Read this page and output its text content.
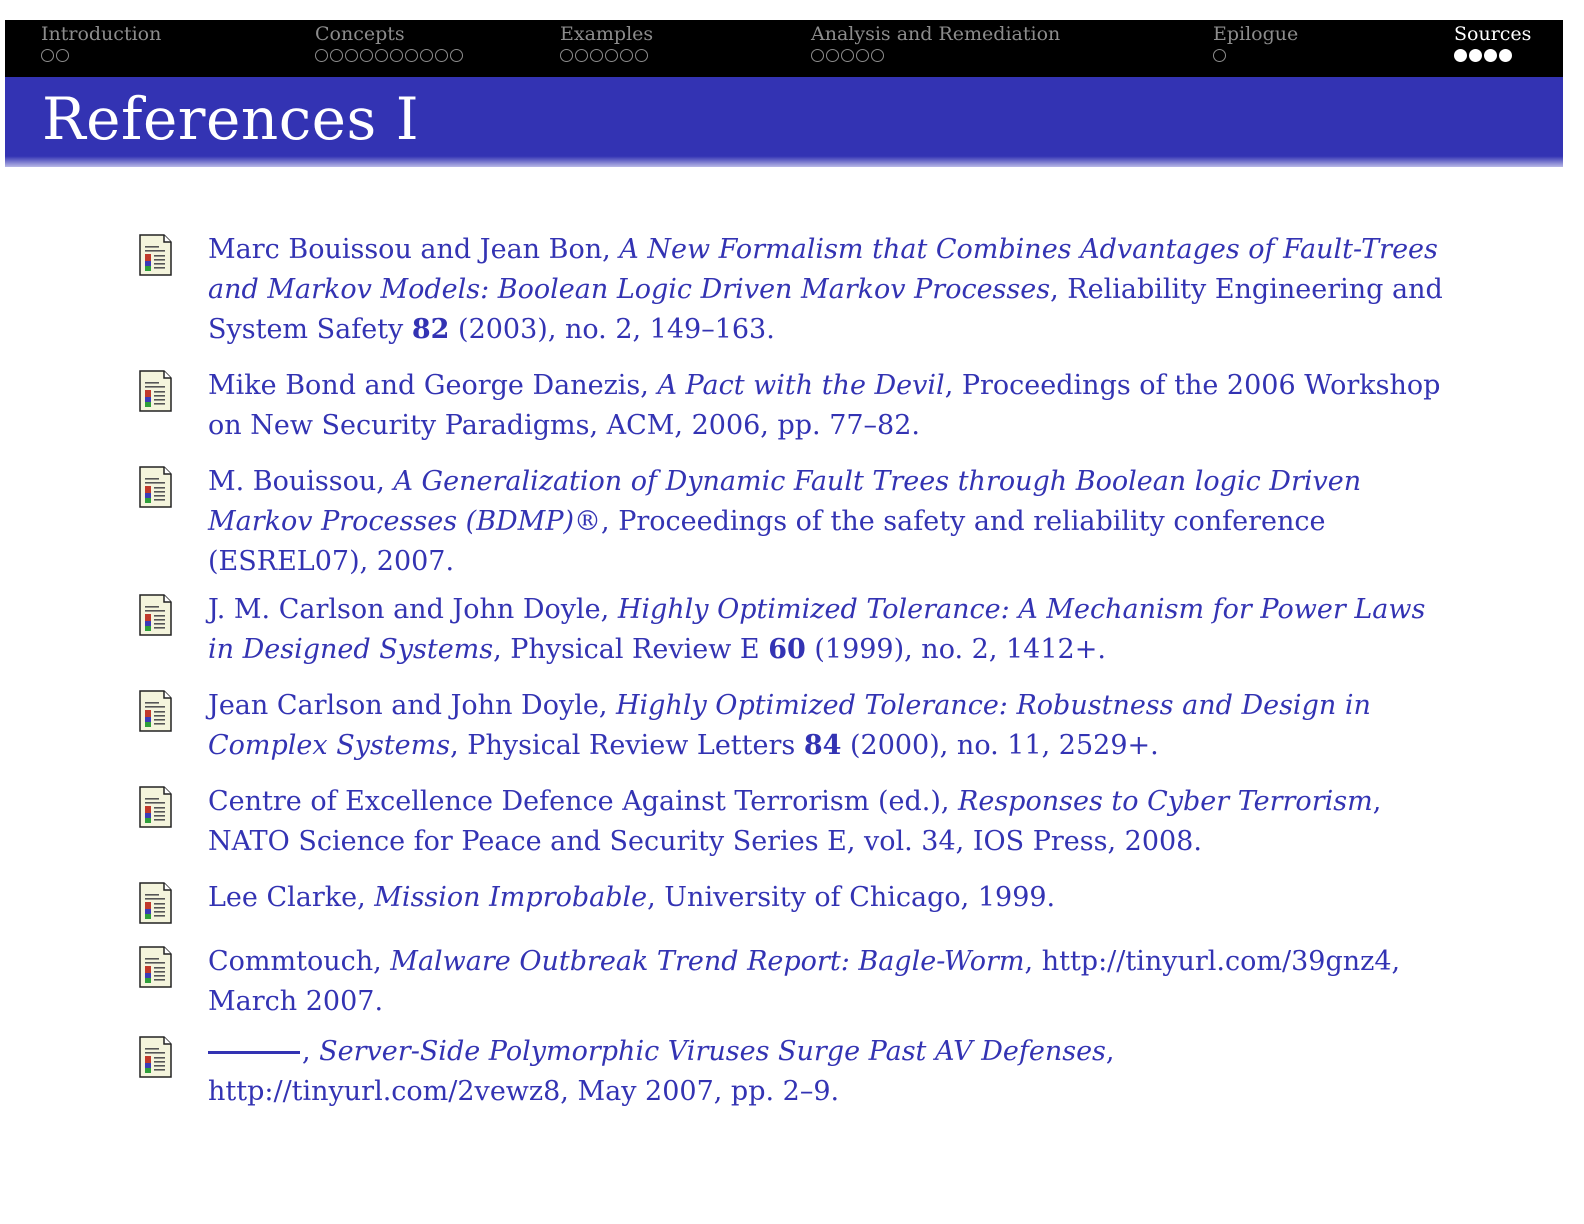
Introduction	Concepts	Examples	Analysis and Remediation	Epilogue	Sources
References I
Marc Bouissou and Jean Bon, A New Formalism that Combines Advantages of Fault-Trees and Markov Models: Boolean Logic Driven Markov Processes, Reliability Engineering and System Safety 82 (2003), no. 2, 149–163.
Mike Bond and George Danezis, A Pact with the Devil, Proceedings of the 2006 Workshop on New Security Paradigms, ACM, 2006, pp. 77–82.
M. Bouissou, A Generalization of Dynamic Fault Trees through Boolean logic Driven Markov Processes (BDMP)®, Proceedings of the safety and reliability conference (ESREL07), 2007.
J. M. Carlson and John Doyle, Highly Optimized Tolerance: A Mechanism for Power Laws in Designed Systems, Physical Review E 60 (1999), no. 2, 1412+.
Jean Carlson and John Doyle, Highly Optimized Tolerance: Robustness and Design in Complex Systems, Physical Review Letters 84 (2000), no. 11, 2529+.
Centre of Excellence Defence Against Terrorism (ed.), Responses to Cyber Terrorism, NATO Science for Peace and Security Series E, vol. 34, IOS Press, 2008.
Lee Clarke, Mission Improbable, University of Chicago, 1999.
Commtouch, Malware Outbreak Trend Report: Bagle-Worm, http://tinyurl.com/39gnz4, March 2007.
, Server-Side Polymorphic Viruses Surge Past AV Defenses, http://tinyurl.com/2vewz8, May 2007, pp. 2–9.
